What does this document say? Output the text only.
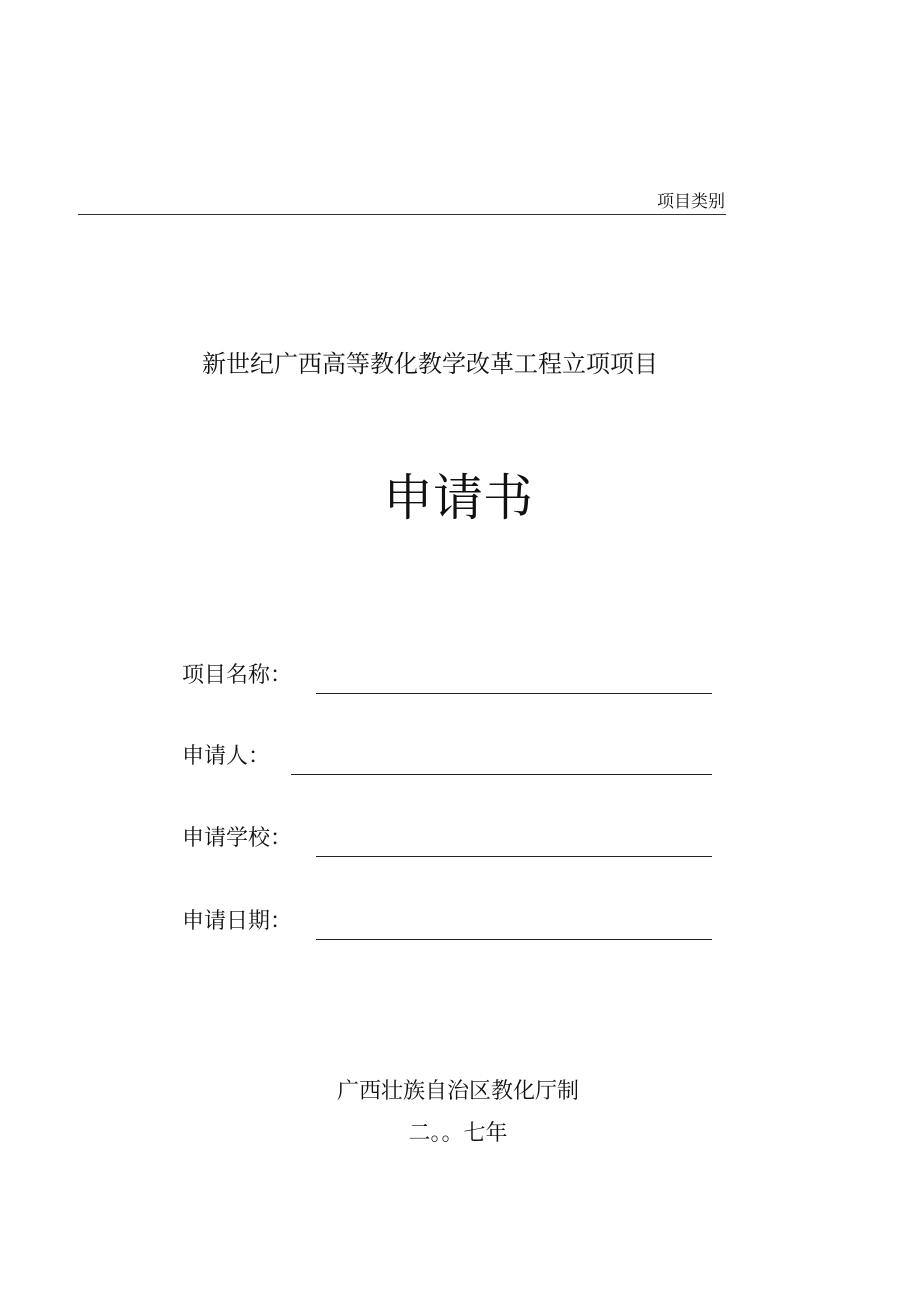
项目类别
新世纪广西高等教化教学改革工程立项项目
申请书
项目名称：
申请人：
申请学校：
申请日期：
广西壮族自治区教化厅制
二。。七年
